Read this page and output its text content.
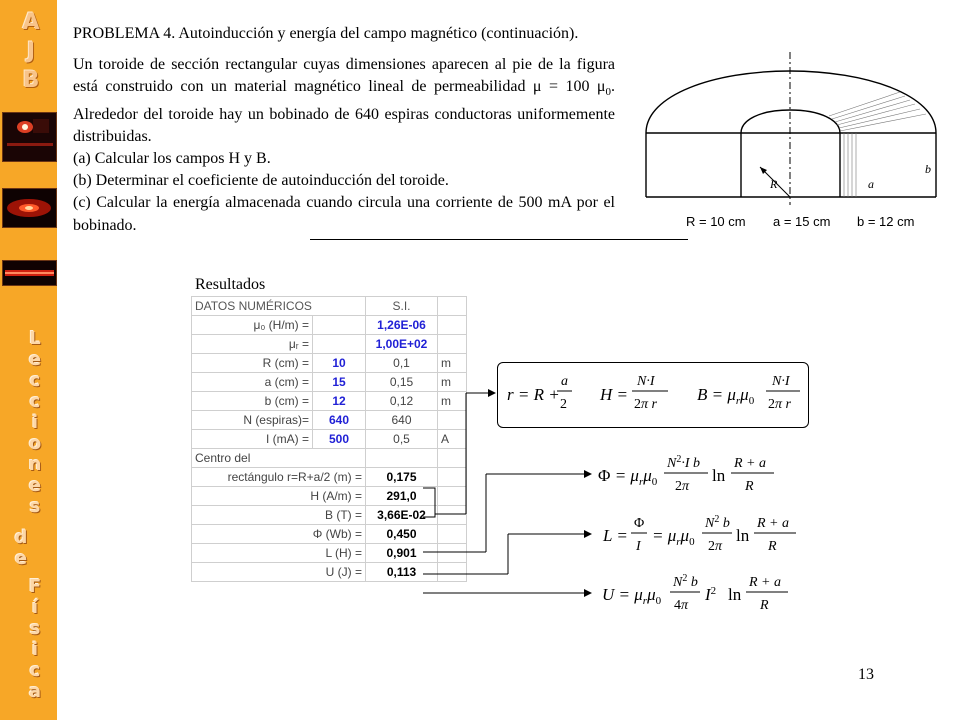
A
J
B
L
e
c
c
i
o
n
e
s
d
e
F
í
s
i
c
a
PROBLEMA 4. Autoinducción y energía del campo magnético (continuación).

Un toroide de sección rectangular cuyas dimensiones aparecen al pie de la figura está construido con un material magnético lineal de permeabilidad μ = 100 $\mu_0$. Alrededor del toroide hay un bobinado de 640 espiras conductoras uniformemente distribuidas.

(a) Calcular los campos H y B.

(b) Determinar el coeficiente de autoinducción del toroide.

(c) Calcular la energía almacenada cuando circula una corriente de 500 mA por el bobinado.

R	a
b
R = 10 cm a = 15 cm b = 12 cm
Resultados
DATOS NUMÉRICOS		S.I.	
μ₀ (H/m) =		1,26E-06	
μᵣ =		1,00E+02	
R (cm) =	10	0,1	m
a (cm) =	15	0,15	m
b (cm) =	12	0,12	m
N (espiras)=	640	640	
I (mA) =	500	0,5	A
Centro del			
rectángulo r=R+a/2 (m) =		0,175	
H (A/m) =		291,0	
B (T) =		3,66E-02	
Φ (Wb) =		0,450	
L (H) =		0,901	
U (J) =		0,113	
r = R +
a
2
H =
N·I
2π r
$B = \mu_r\mu_0$
N·I
2π r
$\Phi = \mu_r\mu_0$
$N^2\cdot I$ b
2π
ln
R + a
R
L =
Φ
I
= $\mu_r\mu_0$
$N^2$ b
2π
ln
R + a
R
$U = \mu_r\mu_0$
$N^2$ b
4π
$I^2$ ln
R + a
R
13
